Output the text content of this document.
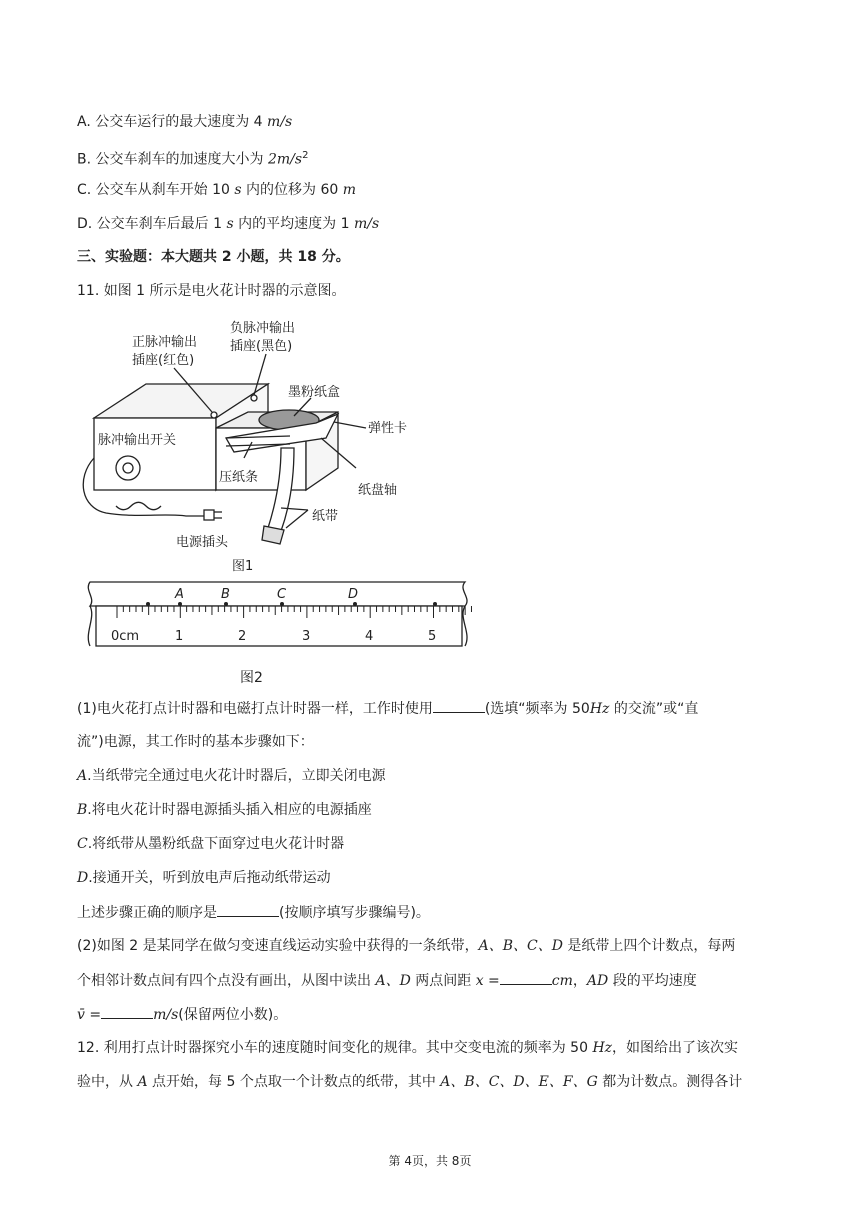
A. 公交车运行的最大速度为 4 m/s
B. 公交车刹车的加速度大小为 $2m/s^2$
C. 公交车从刹车开始 10 s 内的位移为 60 m
D. 公交车刹车后最后 1 s 内的平均速度为 1 m/s
三、实验题：本大题共 2 小题，共 18 分。
11. 如图 1 所示是电火花计时器的示意图。
正脉冲输出
插座(红色)
负脉冲输出
插座(黑色)
墨粉纸盒
弹性卡
脉冲输出开关
压纸条
纸盘轴
纸带
电源插头
图1
A	B	C	D
0cm	1	2	3	4	5
图2
(1)电火花打点计时器和电磁打点计时器一样，工作时使用	(选填“频率为 50Hz 的交流”或“直
流”)电源，其工作时的基本步骤如下：
A.当纸带完全通过电火花计时器后，立即关闭电源
B.将电火花计时器电源插头插入相应的电源插座
C.将纸带从墨粉纸盘下面穿过电火花计时器
D.接通开关，听到放电声后拖动纸带运动
上述步骤正确的顺序是	(按顺序填写步骤编号)。
(2)如图 2 是某同学在做匀变速直线运动实验中获得的一条纸带，A、B、C、D 是纸带上四个计数点，每两
个相邻计数点间有四个点没有画出，从图中读出 A、D 两点间距 x =	cm，AD 段的平均速度
v̄ =	m/s(保留两位小数)。
12. 利用打点计时器探究小车的速度随时间变化的规律。其中交变电流的频率为 50 Hz，如图给出了该次实
验中，从 A 点开始，每 5 个点取一个计数点的纸带，其中 A、B、C、D、E、F、G 都为计数点。测得各计
第 4页，共 8页
